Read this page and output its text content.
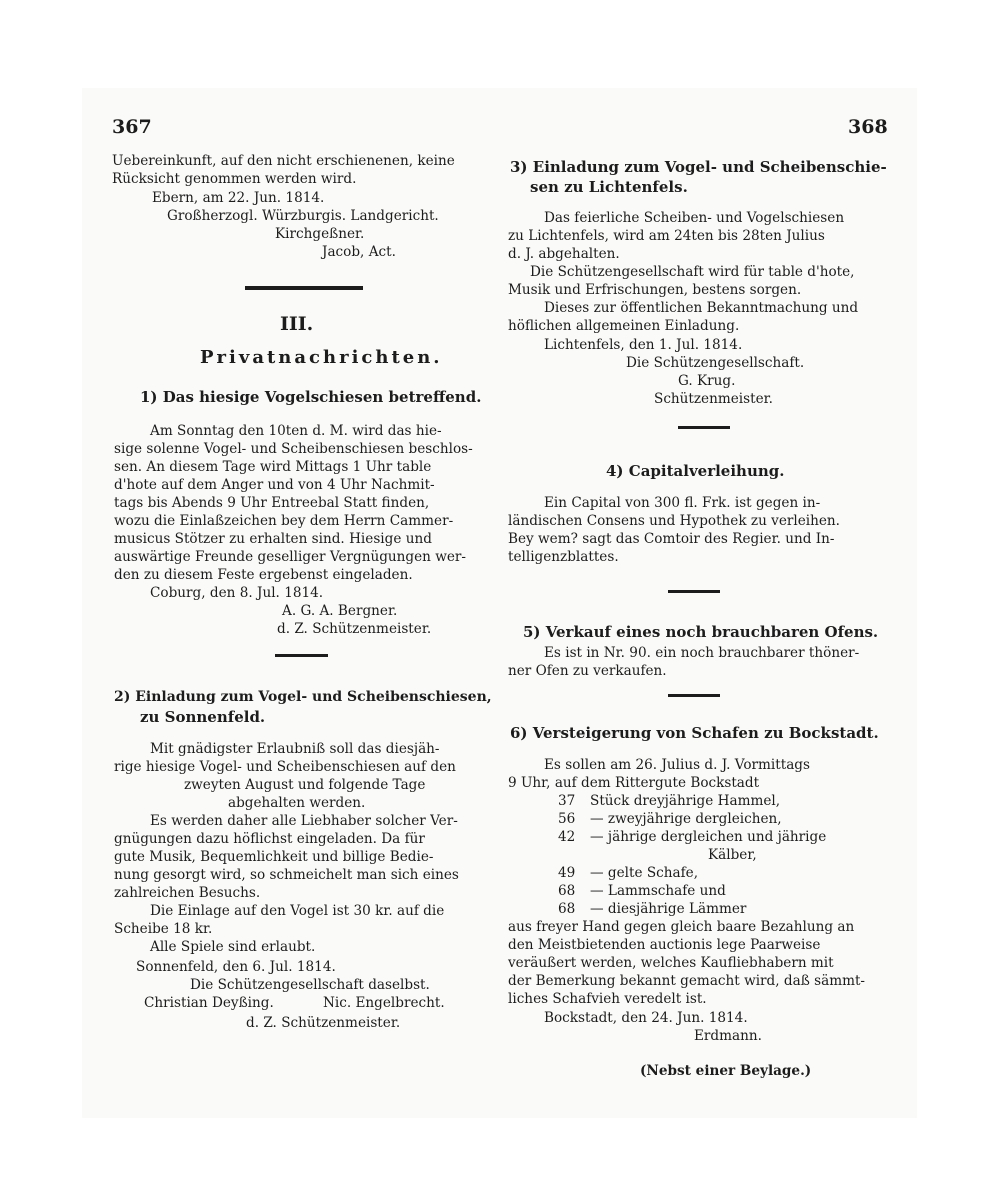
367	368
Uebereinkunft, auf den nicht erschienenen, keine
Rücksicht genommen werden wird.
Ebern, am 22. Jun. 1814.
Großherzogl. Würzburgis. Landgericht.
Kirchgeßner.
Jacob, Act.
III.
Privatnachrichten.
1) Das hiesige Vogelschiesen betreffend.
Am Sonntag den 10ten d. M. wird das hie-
sige solenne Vogel- und Scheibenschiesen beschlos-
sen. An diesem Tage wird Mittags 1 Uhr table
d'hote auf dem Anger und von 4 Uhr Nachmit-
tags bis Abends 9 Uhr Entreebal Statt finden,
wozu die Einlaßzeichen bey dem Herrn Cammer-
musicus Stötzer zu erhalten sind. Hiesige und
auswärtige Freunde geselliger Vergnügungen wer-
den zu diesem Feste ergebenst eingeladen.
Coburg, den 8. Jul. 1814.
A. G. A. Bergner.
d. Z. Schützenmeister.
2) Einladung zum Vogel- und Scheibenschiesen,
zu Sonnenfeld.
Mit gnädigster Erlaubniß soll das diesjäh-
rige hiesige Vogel- und Scheibenschiesen auf den
zweyten August und folgende Tage
abgehalten werden.
Es werden daher alle Liebhaber solcher Ver-
gnügungen dazu höflichst eingeladen. Da für
gute Musik, Bequemlichkeit und billige Bedie-
nung gesorgt wird, so schmeichelt man sich eines
zahlreichen Besuchs.
Die Einlage auf den Vogel ist 30 kr. auf die
Scheibe 18 kr.
Alle Spiele sind erlaubt.
Sonnenfeld, den 6. Jul. 1814.
Die Schützengesellschaft daselbst.
Christian Deyßing.	Nic. Engelbrecht.
d. Z. Schützenmeister.
3) Einladung zum Vogel- und Scheibenschie-
sen zu Lichtenfels.
Das feierliche Scheiben- und Vogelschiesen
zu Lichtenfels, wird am 24ten bis 28ten Julius
d. J. abgehalten.
Die Schützengesellschaft wird für table d'hote,
Musik und Erfrischungen, bestens sorgen.
Dieses zur öffentlichen Bekanntmachung und
höflichen allgemeinen Einladung.
Lichtenfels, den 1. Jul. 1814.
Die Schützengesellschaft.
G. Krug.
Schützenmeister.
4) Capitalverleihung.
Ein Capital von 300 fl. Frk. ist gegen in-
ländischen Consens und Hypothek zu verleihen.
Bey wem? sagt das Comtoir des Regier. und In-
telligenzblattes.
5) Verkauf eines noch brauchbaren Ofens.
Es ist in Nr. 90. ein noch brauchbarer thöner-
ner Ofen zu verkaufen.
6) Versteigerung von Schafen zu Bockstadt.
Es sollen am 26. Julius d. J. Vormittags
9 Uhr, auf dem Rittergute Bockstadt
37 Stück dreyjährige Hammel,
56 — zweyjährige dergleichen,
42 — jährige dergleichen und jährige
Kälber,
49 — gelte Schafe,
68 — Lammschafe und
68 — diesjährige Lämmer
aus freyer Hand gegen gleich baare Bezahlung an
den Meistbietenden auctionis lege Paarweise
veräußert werden, welches Kaufliebhabern mit
der Bemerkung bekannt gemacht wird, daß sämmt-
liches Schafvieh veredelt ist.
Bockstadt, den 24. Jun. 1814.
Erdmann.
(Nebst einer Beylage.)
